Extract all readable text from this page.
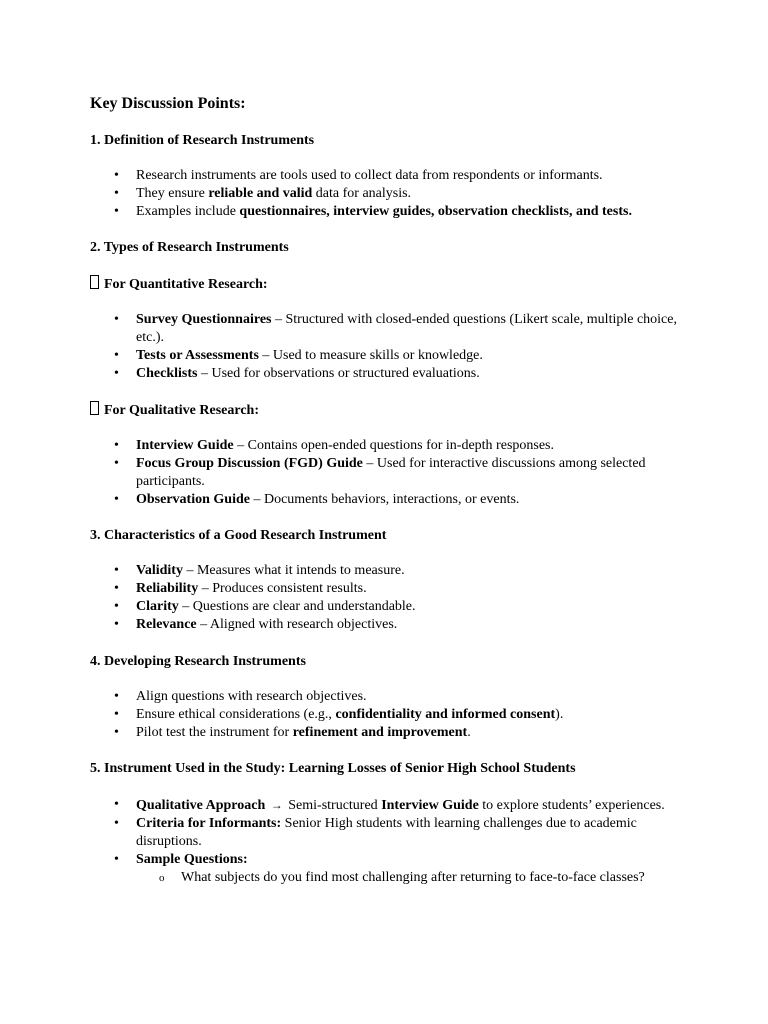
Key Discussion Points:
1. Definition of Research Instruments
• Research instruments are tools used to collect data from respondents or informants.
• They ensure reliable and valid data for analysis.
• Examples include questionnaires, interview guides, observation checklists, and tests.
2. Types of Research Instruments
For Quantitative Research:
• Survey Questionnaires – Structured with closed-ended questions (Likert scale, multiple choice, etc.).
• Tests or Assessments – Used to measure skills or knowledge.
• Checklists – Used for observations or structured evaluations.
For Qualitative Research:
• Interview Guide – Contains open-ended questions for in-depth responses.
• Focus Group Discussion (FGD) Guide – Used for interactive discussions among selected participants.
• Observation Guide – Documents behaviors, interactions, or events.
3. Characteristics of a Good Research Instrument
• Validity – Measures what it intends to measure.
• Reliability – Produces consistent results.
• Clarity – Questions are clear and understandable.
• Relevance – Aligned with research objectives.
4. Developing Research Instruments
• Align questions with research objectives.
• Ensure ethical considerations (e.g., confidentiality and informed consent).
• Pilot test the instrument for refinement and improvement.
5. Instrument Used in the Study: Learning Losses of Senior High School Students
• Qualitative Approach → Semi-structured Interview Guide to explore students’ experiences.
• Criteria for Informants: Senior High students with learning challenges due to academic disruptions.
• Sample Questions:
o What subjects do you find most challenging after returning to face-to-face classes?
